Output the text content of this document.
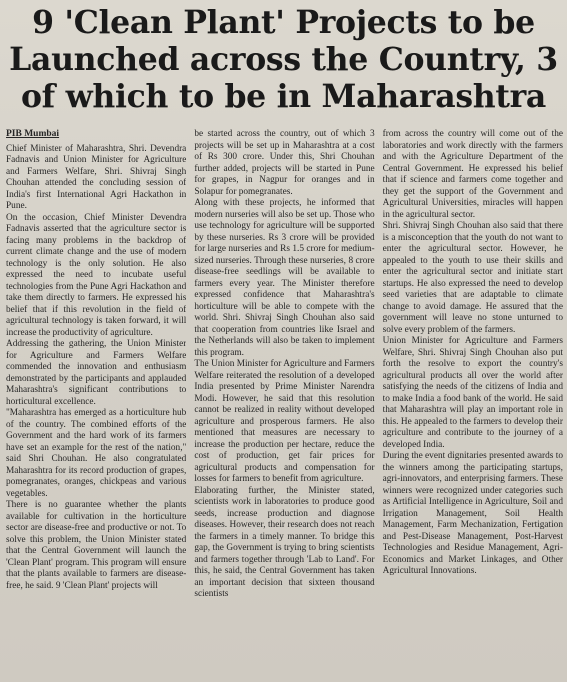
9 'Clean Plant' Projects to be
Launched across the Country, 3
of which to be in Maharashtra
PIB Mumbai

Chief Minister of Maharashtra, Shri. Devendra Fadnavis and Union Minister for Agriculture and Farmers Welfare, Shri. Shivraj Singh Chouhan attended the concluding session of India's first International Agri Hackathon in Pune.

On the occasion, Chief Minister Devendra Fadnavis asserted that the agriculture sector is facing many problems in the backdrop of current climate change and the use of modern technology is the only solution. He also expressed the need to incubate useful technologies from the Pune Agri Hackathon and take them directly to farmers. He expressed his belief that if this revolution in the field of agricultural technology is taken forward, it will increase the productivity of agriculture.

Addressing the gathering, the Union Minister for Agriculture and Farmers Welfare commended the innovation and enthusiasm demonstrated by the participants and applauded Maharashtra's significant contributions to horticultural excellence.

"Maharashtra has emerged as a horticulture hub of the country. The combined efforts of the Government and the hard work of its farmers have set an example for the rest of the nation," said Shri Chouhan. He also congratulated Maharashtra for its record production of grapes, pomegranates, oranges, chickpeas and various vegetables.

There is no guarantee whether the plants available for cultivation in the horticulture sector are disease-free and productive or not. To solve this problem, the Union Minister stated that the Central Government will launch the 'Clean Plant' program. This program will ensure that the plants available to farmers are disease-free, he said. 9 'Clean Plant' projects will

be started across the country, out of which 3 projects will be set up in Maharashtra at a cost of Rs 300 crore. Under this, Shri Chouhan further added, projects will be started in Pune for grapes, in Nagpur for oranges and in Solapur for pomegranates.

Along with these projects, he informed that modern nurseries will also be set up. Those who use technology for agriculture will be supported by these nurseries. Rs 3 crore will be provided for large nurseries and Rs 1.5 crore for medium-sized nurseries. Through these nurseries, 8 crore disease-free seedlings will be available to farmers every year. The Minister therefore expressed confidence that Maharashtra's horticulture will be able to compete with the world. Shri. Shivraj Singh Chouhan also said that cooperation from countries like Israel and the Netherlands will also be taken to implement this program.

The Union Minister for Agriculture and Farmers Welfare reiterated the resolution of a developed India presented by Prime Minister Narendra Modi. However, he said that this resolution cannot be realized in reality without developed agriculture and prosperous farmers. He also mentioned that measures are necessary to increase the production per hectare, reduce the cost of production, get fair prices for agricultural products and compensation for losses for farmers to benefit from agriculture.

Elaborating further, the Minister stated, scientists work in laboratories to produce good seeds, increase production and diagnose diseases. However, their research does not reach the farmers in a timely manner. To bridge this gap, the Government is trying to bring scientists and farmers together through 'Lab to Land'. For this, he said, the Central Government has taken an important decision that sixteen thousand scientists

from across the country will come out of the laboratories and work directly with the farmers and with the Agriculture Department of the Central Government. He expressed his belief that if science and farmers come together and they get the support of the Government and Agricultural Universities, miracles will happen in the agricultural sector.

Shri. Shivraj Singh Chouhan also said that there is a misconception that the youth do not want to enter the agricultural sector. However, he appealed to the youth to use their skills and enter the agricultural sector and initiate start startups. He also expressed the need to develop seed varieties that are adaptable to climate change to avoid damage. He assured that the government will leave no stone unturned to solve every problem of the farmers.

Union Minister for Agriculture and Farmers Welfare, Shri. Shivraj Singh Chouhan also put forth the resolve to export the country's agricultural products all over the world after satisfying the needs of the citizens of India and to make India a food bank of the world. He said that Maharashtra will play an important role in this. He appealed to the farmers to develop their agriculture and contribute to the journey of a developed India.

During the event dignitaries presented awards to the winners among the participating startups, agri-innovators, and enterprising farmers. These winners were recognized under categories such as Artificial Intelligence in Agriculture, Soil and Irrigation Management, Soil Health Management, Farm Mechanization, Fertigation and Pest-Disease Management, Post-Harvest Technologies and Residue Management, Agri-Economics and Market Linkages, and Other Agricultural Innovations.
